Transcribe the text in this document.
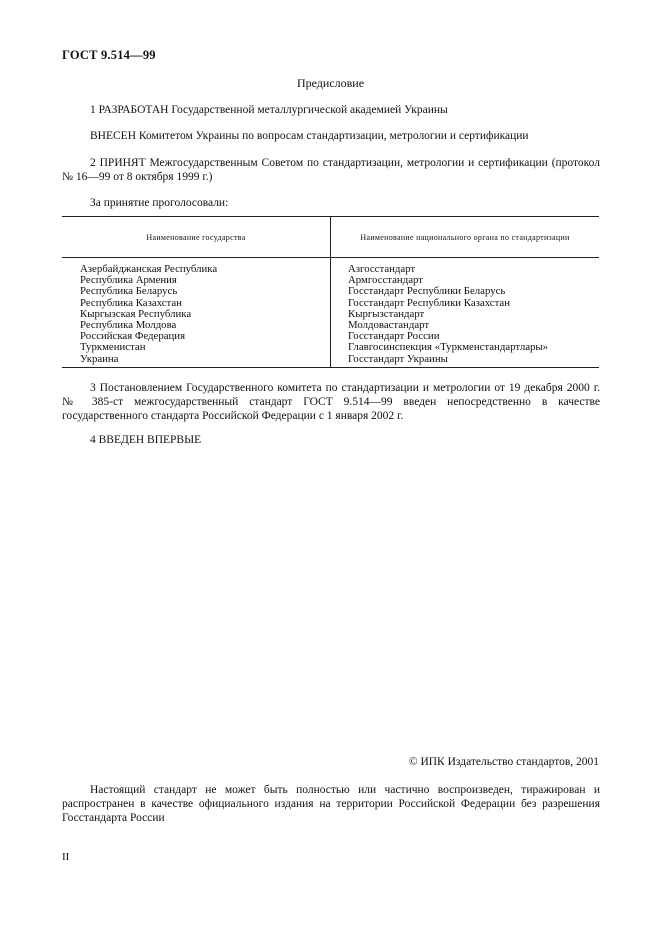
ГОСТ 9.514—99
Предисловие
1 РАЗРАБОТАН Государственной металлургической академией Украины
ВНЕСЕН Комитетом Украины по вопросам стандартизации, метрологии и сертификации
2 ПРИНЯТ Межгосударственным Советом по стандартизации, метрологии и сертификации (протокол № 16—99 от 8 октября 1999 г.)
За принятие проголосовали:
Наименование государства	Наименование национального органа по стандартизации
Азербайджанская Республика
Республика Армения
Республика Беларусь
Республика Казахстан
Кыргызская Республика
Республика Молдова
Российская Федерация
Туркменистан
Украина
Азгосстандарт
Армгосстандарт
Госстандарт Республики Беларусь
Госстандарт Республики Казахстан
Кыргызстандарт
Молдовастандарт
Госстандарт России
Главгосинспекция «Туркменстандартлары»
Госстандарт Украины
3 Постановлением Государственного комитета по стандартизации и метрологии от 19 декабря 2000 г. № 385-ст межгосударственный стандарт ГОСТ 9.514—99 введен непосредственно в качестве государственного стандарта Российской Федерации с 1 января 2002 г.
4 ВВЕДЕН ВПЕРВЫЕ
© ИПК Издательство стандартов, 2001
Настоящий стандарт не может быть полностью или частично воспроизведен, тиражирован и распространен в качестве официального издания на территории Российской Федерации без разрешения Госстандарта России
II
